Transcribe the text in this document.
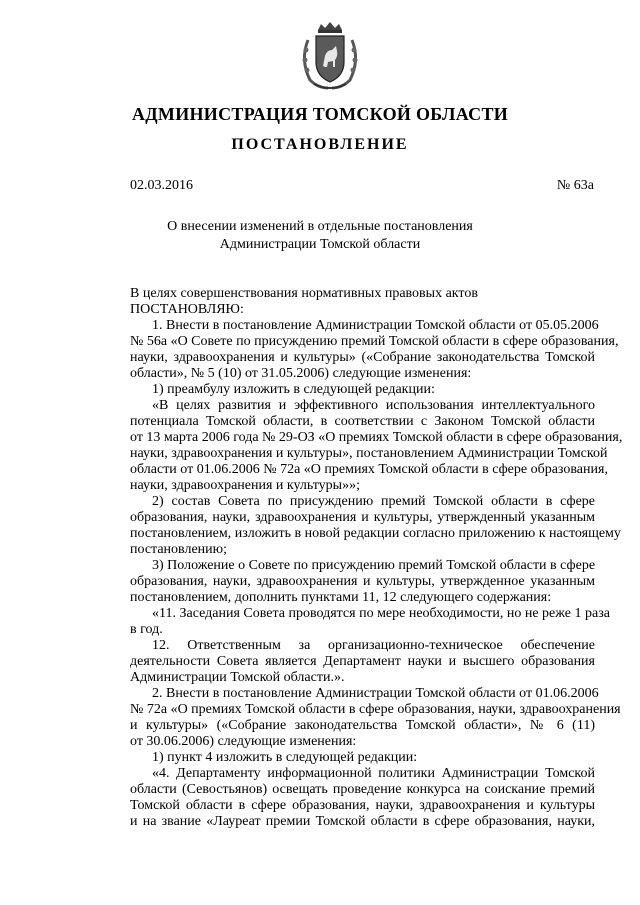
АДМИНИСТРАЦИЯ ТОМСКОЙ ОБЛАСТИ
ПОСТАНОВЛЕНИЕ
02.03.2016	№ 63а
О внесении изменений в отдельные постановления
Администрации Томской области
В целях совершенствования нормативных правовых актов
ПОСТАНОВЛЯЮ:
1. Внести в постановление Администрации Томской области от 05.05.2006
№ 56а «О Совете по присуждению премий Томской области в сфере образования,
науки, здравоохранения и культуры» («Собрание законодательства Томской
области», № 5 (10) от 31.05.2006) следующие изменения:
1) преамбулу изложить в следующей редакции:
«В целях развития и эффективного использования интеллектуального
потенциала Томской области, в соответствии с Законом Томской области
от 13 марта 2006 года № 29-ОЗ «О премиях Томской области в сфере образования,
науки, здравоохранения и культуры», постановлением Администрации Томской
области от 01.06.2006 № 72а «О премиях Томской области в сфере образования,
науки, здравоохранения и культуры»»;
2) состав Совета по присуждению премий Томской области в сфере
образования, науки, здравоохранения и культуры, утвержденный указанным
постановлением, изложить в новой редакции согласно приложению к настоящему
постановлению;
3) Положение о Совете по присуждению премий Томской области в сфере
образования, науки, здравоохранения и культуры, утвержденное указанным
постановлением, дополнить пунктами 11, 12 следующего содержания:
«11. Заседания Совета проводятся по мере необходимости, но не реже 1 раза
в год.
12. Ответственным за организационно-техническое обеспечение
деятельности Совета является Департамент науки и высшего образования
Администрации Томской области.».
2. Внести в постановление Администрации Томской области от 01.06.2006
№ 72а «О премиях Томской области в сфере образования, науки, здравоохранения
и культуры» («Собрание законодательства Томской области», № 6 (11)
от 30.06.2006) следующие изменения:
1) пункт 4 изложить в следующей редакции:
«4. Департаменту информационной политики Администрации Томской
области (Севостьянов) освещать проведение конкурса на соискание премий
Томской области в сфере образования, науки, здравоохранения и культуры
и на звание «Лауреат премии Томской области в сфере образования, науки,
